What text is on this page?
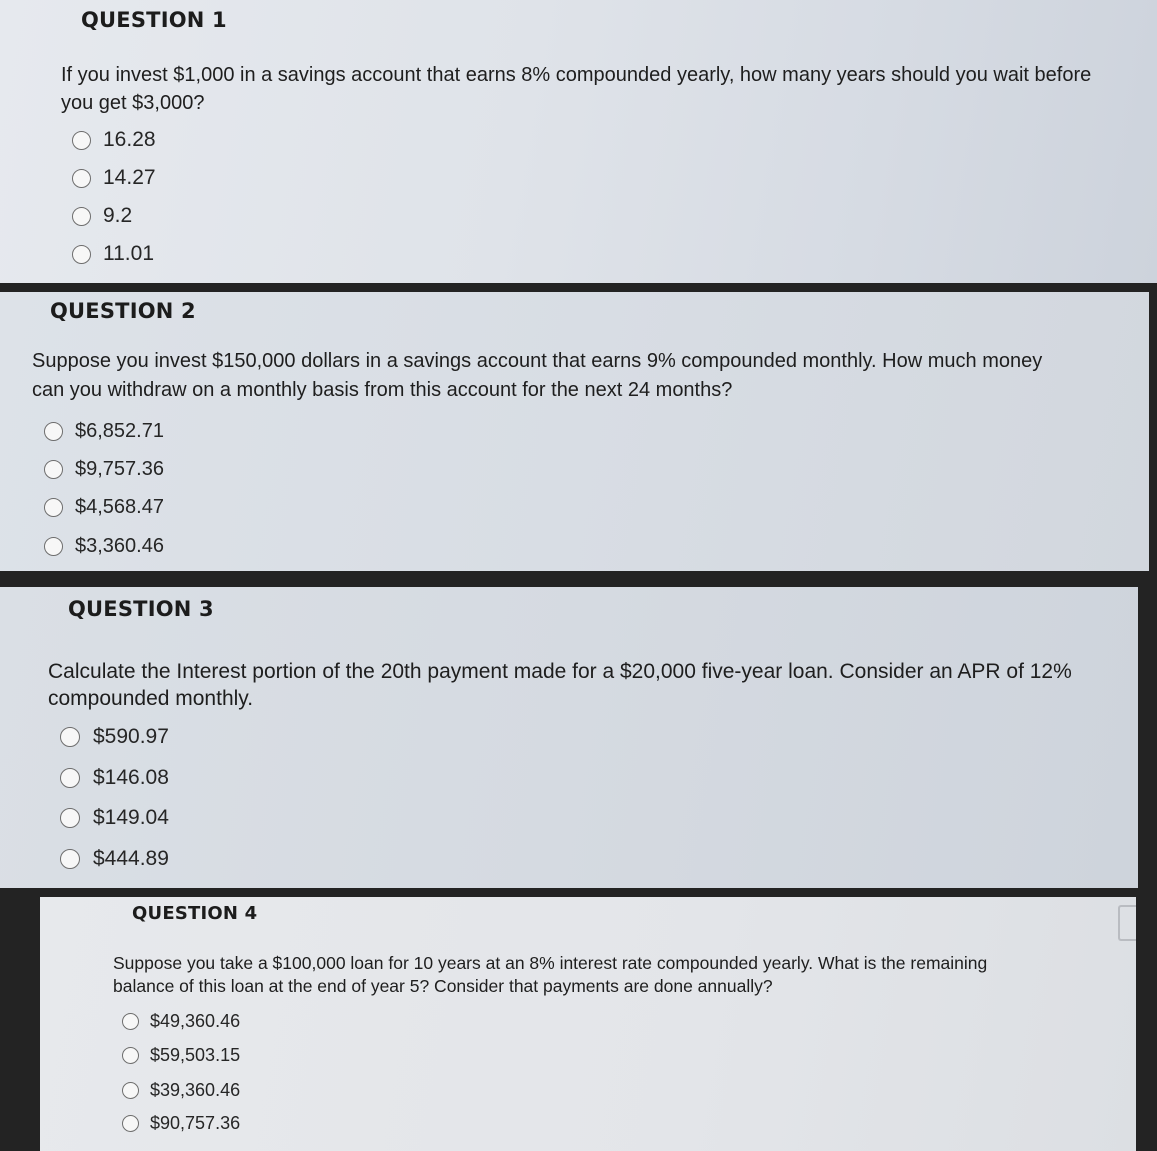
QUESTION 1

If you invest $1,000 in a savings account that earns 8% compounded yearly, how many years should you wait before

you get $3,000?

16.28
14.27
9.2
11.01
QUESTION 2

Suppose you invest $150,000 dollars in a savings account that earns 9% compounded monthly. How much money

can you withdraw on a monthly basis from this account for the next 24 months?

$6,852.71
$9,757.36
$4,568.47
$3,360.46
QUESTION 3

Calculate the Interest portion of the 20th payment made for a $20,000 five-year loan. Consider an APR of 12%

compounded monthly.

$590.97
$146.08
$149.04
$444.89
QUESTION 4

Suppose you take a $100,000 loan for 10 years at an 8% interest rate compounded yearly. What is the remaining

balance of this loan at the end of year 5? Consider that payments are done annually?

$49,360.46
$59,503.15
$39,360.46
$90,757.36
